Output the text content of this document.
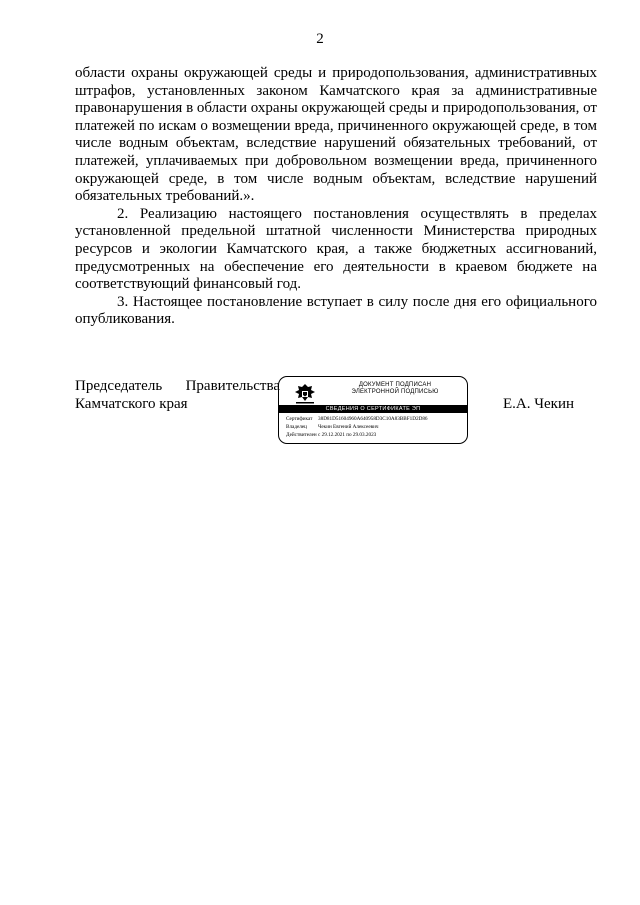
2

области охраны окружающей среды и природопользования, административных штрафов, установленных законом Камчатского края за административные правонарушения в области охраны окружающей среды и природопользования, от платежей по искам о возмещении вреда, причиненного окружающей среде, в том числе водным объектам, вследствие нарушений обязательных требований, от платежей, уплачиваемых при добровольном возмещении вреда, причиненного окружающей среде, в том числе водным объектам, вследствие нарушений обязательных требований.».

2. Реализацию настоящего постановления осуществлять в пределах установленной предельной штатной численности Министерства природных ресурсов и экологии Камчатского края, а также бюджетных ассигнований, предусмотренных на обеспечение его деятельности в краевом бюджете на соответствующий финансовый год.

3. Настоящее постановление вступает в силу после дня его официального опубликования.

Председатель Правительства
Камчатского края
ДОКУМЕНТ ПОДПИСАН
ЭЛЕКТРОННОЙ ПОДПИСЬЮ
СВЕДЕНИЯ О СЕРТИФИКАТЕ ЭП
Сертификат 38D81D51604960A640958D3C10A83BBF1D2D86
Владелец Чекин Евгений Алексеевич
Действителен с 29.12.2021 по 29.03.2023
Е.А. Чекин
